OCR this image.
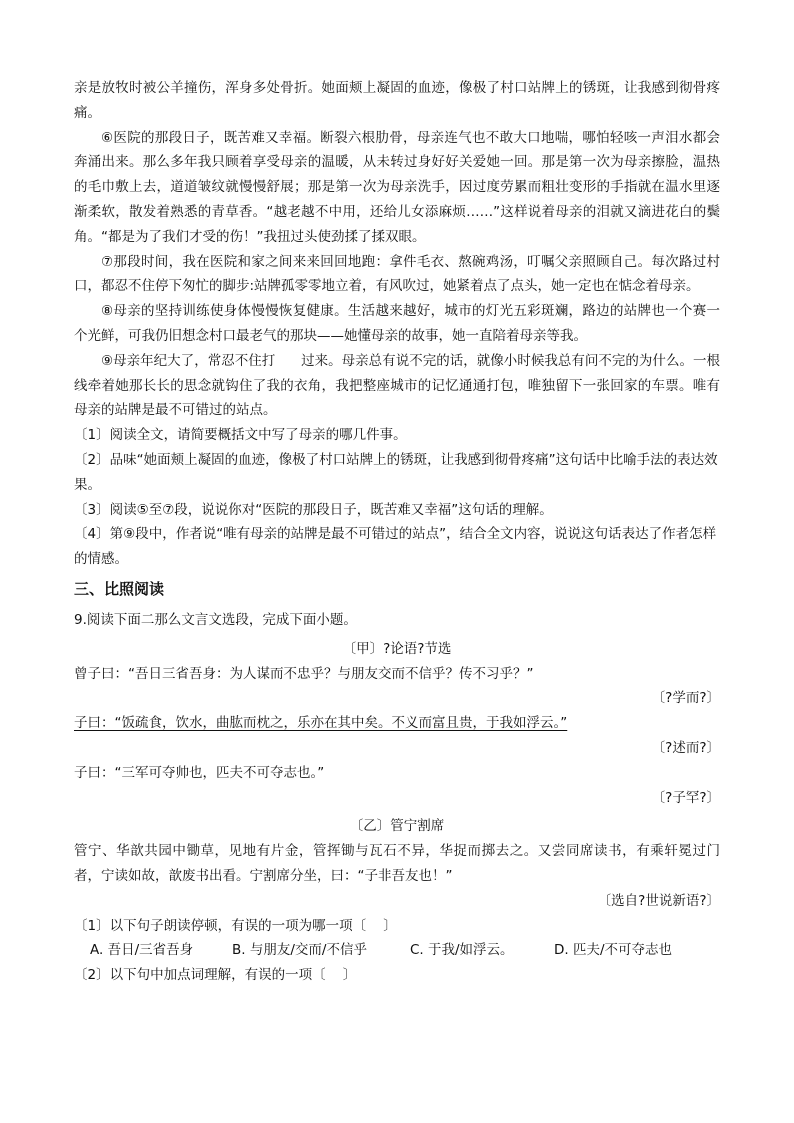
亲是放牧时被公羊撞伤，浑身多处骨折。她面颊上凝固的血迹，像极了村口站牌上的锈斑，让我感到彻骨疼痛。

⑥医院的那段日子，既苦难又幸福。断裂六根肋骨，母亲连气也不敢大口地喘，哪怕轻咳一声泪水都会奔涌出来。那么多年我只顾着享受母亲的温暖，从未转过身好好关爱她一回。那是第一次为母亲擦脸，温热的毛巾敷上去，道道皱纹就慢慢舒展；那是第一次为母亲洗手，因过度劳累而粗壮变形的手指就在温水里逐渐柔软，散发着熟悉的青草香。“越老越不中用，还给儿女添麻烦……”这样说着母亲的泪就又滴进花白的鬓角。“都是为了我们才受的伤！”我扭过头使劲揉了揉双眼。

⑦那段时间，我在医院和家之间来来回回地跑：拿件毛衣、熬碗鸡汤，叮嘱父亲照顾自己。每次路过村口，都忍不住停下匆忙的脚步:站牌孤零零地立着，有风吹过，她紧着点了点头，她一定也在惦念着母亲。

⑧母亲的坚持训练使身体慢慢恢复健康。生活越来越好，城市的灯光五彩斑斓，路边的站牌也一个赛一个光鲜，可我仍旧想念村口最老气的那块——她懂母亲的故事，她一直陪着母亲等我。

⑨母亲年纪大了，常忍不住打      过来。母亲总有说不完的话，就像小时候我总有问不完的为什么。一根      线牵着她那长长的思念就钩住了我的衣角，我把整座城市的记忆通通打包，唯独留下一张回家的车票。唯有母亲的站牌是最不可错过的站点。

〔1〕阅读全文，请简要概括文中写了母亲的哪几件事。

〔2〕品味“她面颊上凝固的血迹，像极了村口站牌上的锈斑，让我感到彻骨疼痛”这句话中比喻手法的表达效果。

〔3〕阅读⑤至⑦段，说说你对“医院的那段日子，既苦难又幸福”这句话的理解。

〔4〕第⑨段中，作者说“唯有母亲的站牌是最不可错过的站点”，结合全文内容，说说这句话表达了作者怎样的情感。

三、比照阅读

9.阅读下面二那么文言文选段，完成下面小题。

〔甲〕?论语?节选

曾子曰：“吾日三省吾身：为人谋而不忠乎？与朋友交而不信乎？传不习乎？”

〔?学而?〕

子曰：“饭疏食，饮水，曲肱而枕之，乐亦在其中矣。不义而富且贵，于我如浮云。”

〔?述而?〕

子曰：“三军可夺帅也，匹夫不可夺志也。”

〔?子罕?〕

〔乙〕管宁割席

管宁、华歆共园中锄草，见地有片金，管挥锄与瓦石不异，华捉而掷去之。又尝同席读书，有乘轩冕过门者，宁读如故，歆废书出看。宁割席分坐，曰：“子非吾友也！”

〔选自?世说新语?〕

〔1〕以下句子朗读停顿，有误的一项为哪一项〔    〕

A. 吾日/三省吾身	B. 与朋友/交而/不信乎	C. 于我/如浮云。	D. 匹夫/不可夺志也

〔2〕以下句中加点词理解，有误的一项〔    〕
